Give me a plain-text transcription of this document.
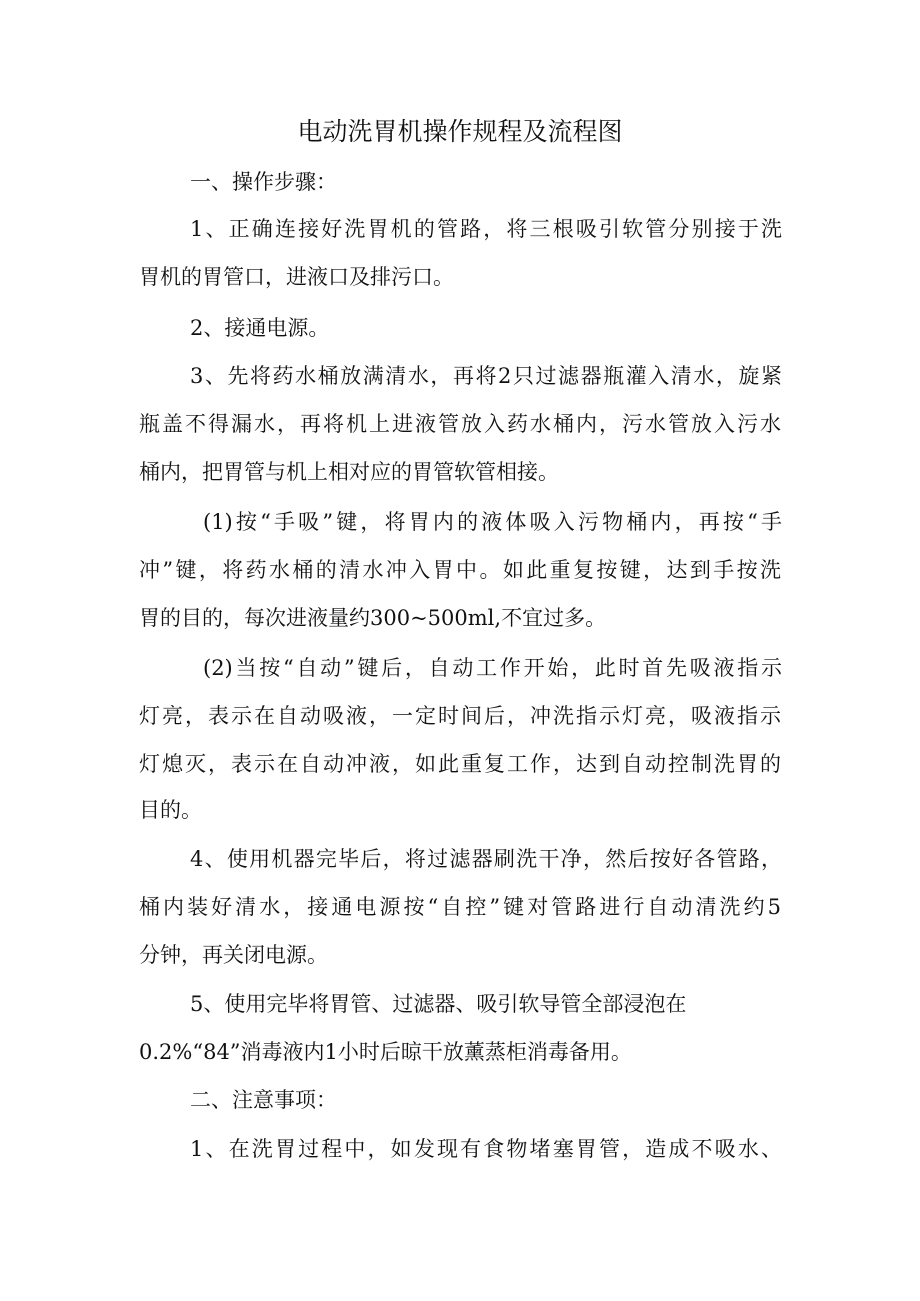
电动洗胃机操作规程及流程图
一、操作步骤：
1、正确连接好洗胃机的管路，将三根吸引软管分别接于洗
胃机的胃管口，进液口及排污口。
2、接通电源。
3、先将药水桶放满清水，再将2只过滤器瓶灌入清水，旋紧
瓶盖不得漏水，再将机上进液管放入药水桶内，污水管放入污水
桶内，把胃管与机上相对应的胃管软管相接。
(1)按“手吸”键，将胃内的液体吸入污物桶内，再按“手
冲”键，将药水桶的清水冲入胃中。如此重复按键，达到手按洗
胃的目的，每次进液量约300~500ml,不宜过多。
(2)当按“自动”键后，自动工作开始，此时首先吸液指示
灯亮，表示在自动吸液，一定时间后，冲洗指示灯亮，吸液指示
灯熄灭，表示在自动冲液，如此重复工作，达到自动控制洗胃的
目的。
4、使用机器完毕后，将过滤器刷洗干净，然后按好各管路，
桶内装好清水，接通电源按“自控”键对管路进行自动清洗约5
分钟，再关闭电源。
5、使用完毕将胃管、过滤器、吸引软导管全部浸泡在
0.2%“84”消毒液内1小时后晾干放薰蒸柜消毒备用。
二、注意事项：
1、在洗胃过程中，如发现有食物堵塞胃管，造成不吸水、
